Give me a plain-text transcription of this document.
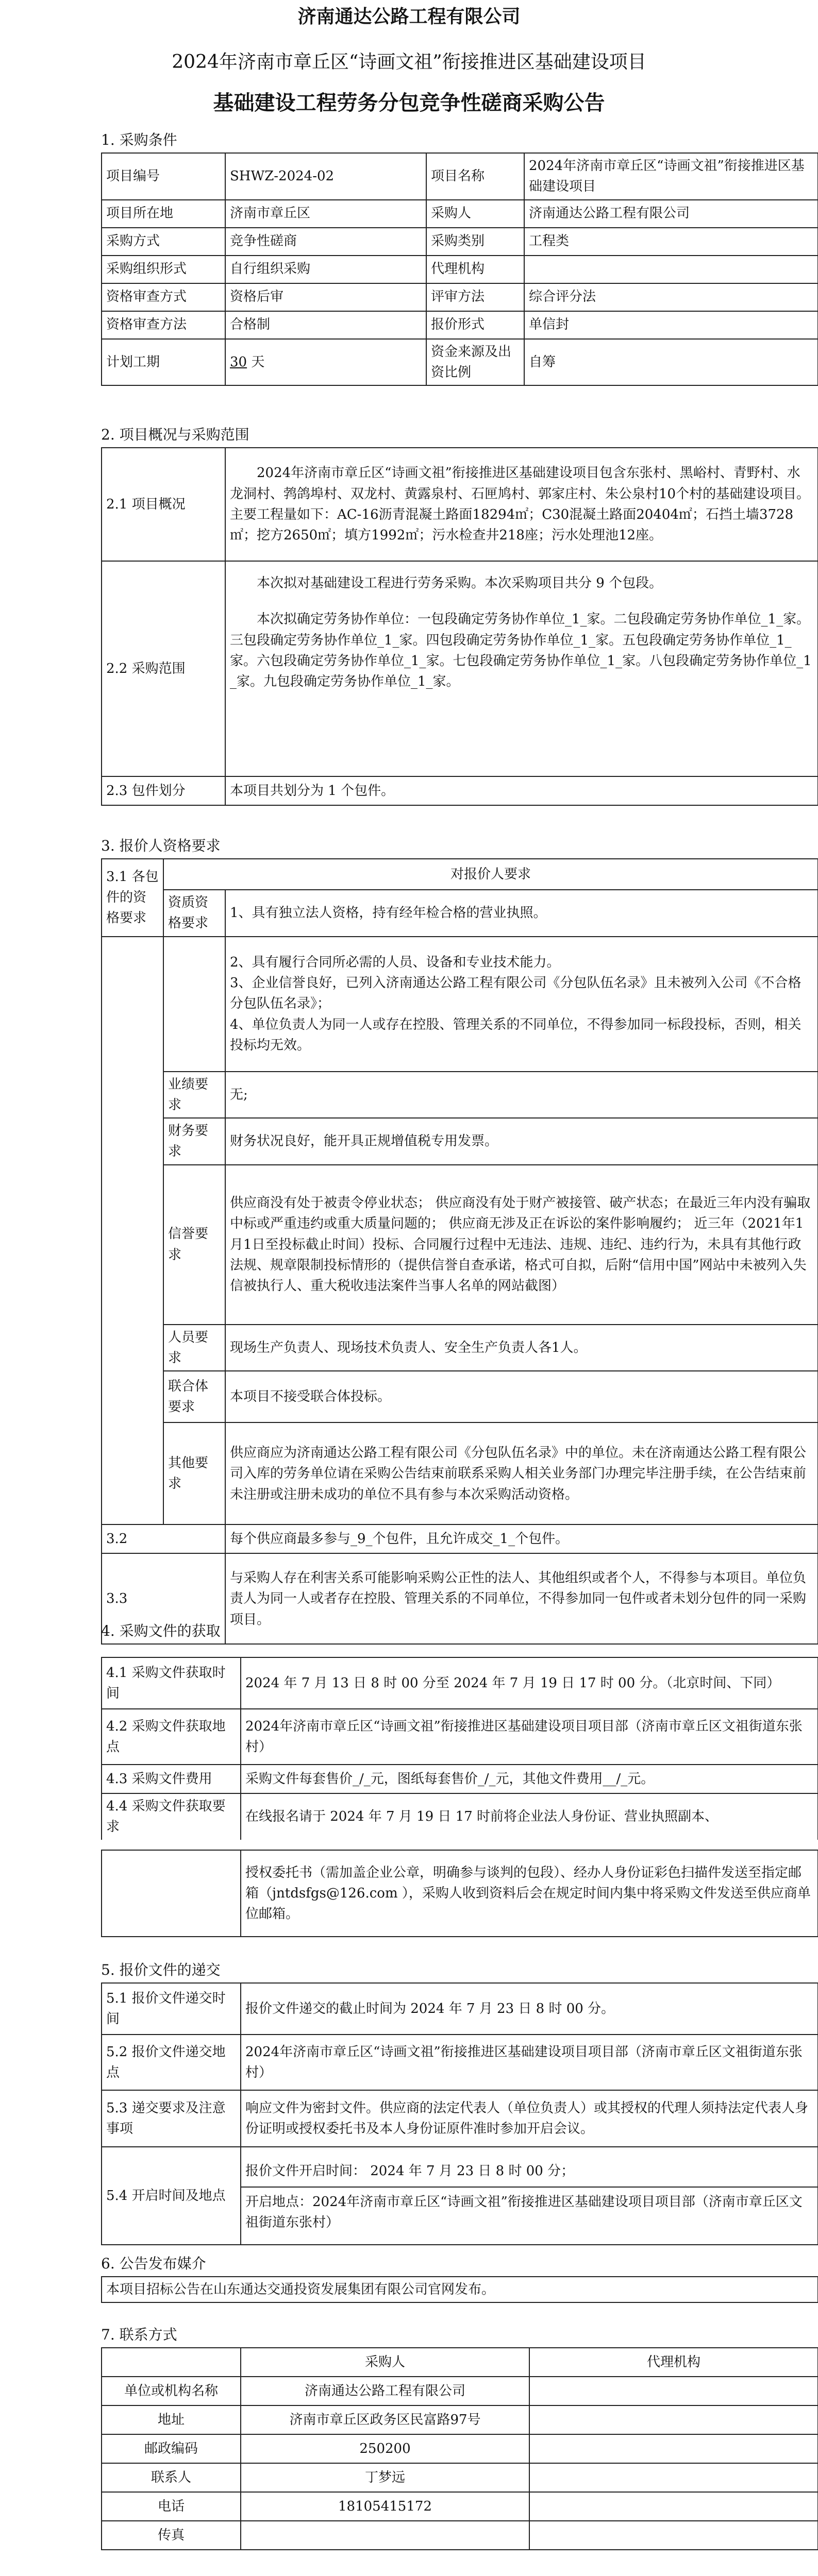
济南通达公路工程有限公司
2024年济南市章丘区“诗画文祖”衔接推进区基础建设项目
基础建设工程劳务分包竞争性磋商采购公告
1. 采购条件
项目编号	SHWZ-2024-02	项目名称	2024年济南市章丘区“诗画文祖”衔接推进区基础建设项目
项目所在地	济南市章丘区	采购人	济南通达公路工程有限公司
采购方式	竞争性磋商	采购类别	工程类
采购组织形式	自行组织采购	代理机构	
资格审查方式	资格后审	评审方法	综合评分法
资格审查方法	合格制	报价形式	单信封
计划工期	30 天	资金来源及出资比例	自筹
2. 项目概况与采购范围
2.1 项目概况	2024年济南市章丘区“诗画文祖”衔接推进区基础建设项目包含东张村、黑峪村、青野村、水龙洞村、鹁鸽埠村、双龙村、黄露泉村、石匣鸠村、郭家庄村、朱公泉村10个村的基础建设项目。主要工程量如下：AC-16沥青混凝土路面18294㎡；C30混凝土路面20404㎡；石挡土墙3728㎡；挖方2650㎡；填方1992㎡；污水检查井218座；污水处理池12座。
2.2 采购范围	本次拟对基础建设工程进行劳务采购。本次采购项目共分 9 个包段。
本次拟确定劳务协作单位：一包段确定劳务协作单位_1_家。二包段确定劳务协作单位_1_家。三包段确定劳务协作单位_1_家。四包段确定劳务协作单位_1_家。五包段确定劳务协作单位_1_家。六包段确定劳务协作单位_1_家。七包段确定劳务协作单位_1_家。八包段确定劳务协作单位_1_家。九包段确定劳务协作单位_1_家。

2.3 包件划分	本项目共划分为 1 个包件。
3. 报价人资格要求
3.1 各包件的资格要求	对报价人要求	
	资质资格要求	1、具有独立法人资格，持有经年检合格的营业执照。
		2、具有履行合同所必需的人员、设备和专业技术能力。
3、企业信誉良好，已列入济南通达公路工程有限公司《分包队伍名录》且未被列入公司《不合格分包队伍名录》；
4、单位负责人为同一人或存在控股、管理关系的不同单位，不得参加同一标段投标，否则，相关投标均无效。
	业绩要求	无;
	财务要求	财务状况良好，能开具正规增值税专用发票。
	信誉要求	供应商没有处于被责令停业状态； 供应商没有处于财产被接管、破产状态；在最近三年内没有骗取中标或严重违约或重大质量问题的； 供应商无涉及正在诉讼的案件影响履约； 近三年（2021年1月1日至投标截止时间）投标、合同履行过程中无违法、违规、违纪、违约行为，未具有其他行政法规、规章限制投标情形的（提供信誉自查承诺，格式可自拟，后附“信用中国”网站中未被列入失信被执行人、重大税收违法案件当事人名单的网站截图）
	人员要求	现场生产负责人、现场技术负责人、安全生产负责人各1人。
	联合体要求	本项目不接受联合体投标。
	其他要求	供应商应为济南通达公路工程有限公司《分包队伍名录》中的单位。未在济南通达公路工程有限公司入库的劳务单位请在采购公告结束前联系采购人相关业务部门办理完毕注册手续，在公告结束前未注册或注册未成功的单位不具有参与本次采购活动资格。
3.2		每个供应商最多参与_9_个包件，且允许成交_1_个包件。
3.3		与采购人存在利害关系可能影响采购公正性的法人、其他组织或者个人，不得参与本项目。单位负责人为同一人或者存在控股、管理关系的不同单位，不得参加同一包件或者未划分包件的同一采购项目。
4. 采购文件的获取
4.1 采购文件获取时间	2024 年 7 月 13 日 8 时 00 分至 2024 年 7 月 19 日 17 时 00 分。（北京时间、下同）
4.2 采购文件获取地点	2024年济南市章丘区“诗画文祖”衔接推进区基础建设项目项目部（济南市章丘区文祖街道东张村）
4.3 采购文件费用	采购文件每套售价_/_元，图纸每套售价_/_元，其他文件费用__/_元。
4.4 采购文件获取要求	在线报名请于 2024 年 7 月 19 日 17 时前将企业法人身份证、营业执照副本、
	授权委托书（需加盖企业公章，明确参与谈判的包段）、经办人身份证彩色扫描件发送至指定邮箱（jntdsfgs@126.com ），采购人收到资料后会在规定时间内集中将采购文件发送至供应商单位邮箱。
5. 报价文件的递交
5.1 报价文件递交时间	报价文件递交的截止时间为 2024 年 7 月 23 日 8 时 00 分。
5.2 报价文件递交地点	2024年济南市章丘区“诗画文祖”衔接推进区基础建设项目项目部（济南市章丘区文祖街道东张村）
5.3 递交要求及注意事项	响应文件为密封文件。供应商的法定代表人（单位负责人）或其授权的代理人须持法定代表人身份证明或授权委托书及本人身份证原件准时参加开启会议。
5.4 开启时间及地点	报价文件开启时间： 2024 年 7 月 23 日 8 时 00 分；
开启地点：2024年济南市章丘区“诗画文祖”衔接推进区基础建设项目项目部（济南市章丘区文祖街道东张村）
6. 公告发布媒介
本项目招标公告在山东通达交通投资发展集团有限公司官网发布。
7. 联系方式
	采购人	代理机构
单位或机构名称	济南通达公路工程有限公司	
地址	济南市章丘区政务区民富路97号	
邮政编码	250200	
联系人	丁梦远	
电话	18105415172	
传真		
